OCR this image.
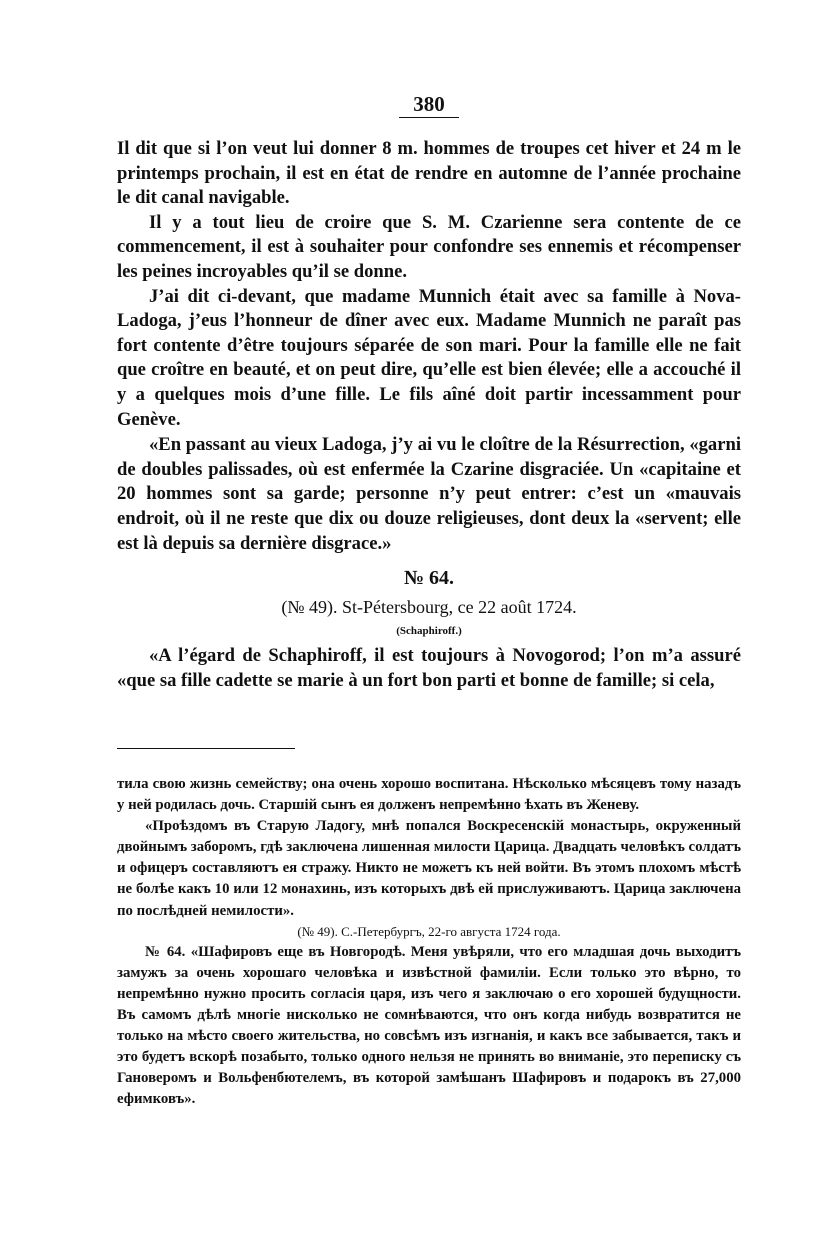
380

Il dit que si l’on veut lui donner 8 m. hommes de troupes cet hiver et 24 m le printemps prochain, il est en état de rendre en automne de l’année prochaine le dit canal navigable.

Il y a tout lieu de croire que S. M. Czarienne sera contente de ce commencement, il est à souhaiter pour confondre ses ennemis et récompenser les peines incroyables qu’il se donne.

J’ai dit ci-devant, que madame Munnich était avec sa famille à Nova-Ladoga, j’eus l’honneur de dîner avec eux. Madame Munnich ne paraît pas fort contente d’être toujours séparée de son mari. Pour la famille elle ne fait que croître en beauté, et on peut dire, qu’elle est bien élevée; elle a accouché il y a quelques mois d’une fille. Le fils aîné doit partir incessamment pour Genève.

«En passant au vieux Ladoga, j’y ai vu le cloître de la Résurrection, «garni de doubles palissades, où est enfermée la Czarine disgraciée. Un «capitaine et 20 hommes sont sa garde; personne n’y peut entrer: c’est un «mauvais endroit, où il ne reste que dix ou douze religieuses, dont deux la «servent; elle est là depuis sa dernière disgrace.»

№ 64.
(№ 49). St-Pétersbourg, ce 22 août 1724.
(Schaphiroff.)

«A l’égard de Schaphiroff, il est toujours à Novogorod; l’on m’a assuré «que sa fille cadette se marie à un fort bon parti et bonne de famille; si cela,

тила свою жизнь семейству; она очень хорошо воспитана. Нѣсколько мѣсяцевъ тому назадъ у ней родилась дочь. Старшій сынъ ея долженъ непремѣнно ѣхать въ Женеву.

«Проѣздомъ въ Старую Ладогу, мнѣ попался Воскресенскій монастырь, окруженный двойнымъ заборомъ, гдѣ заключена лишенная милости Царица. Двадцать человѣкъ солдатъ и офицеръ составляютъ ея стражу. Никто не можетъ къ ней войти. Въ этомъ плохомъ мѣстѣ не болѣе какъ 10 или 12 монахинь, изъ которыхъ двѣ ей прислуживаютъ. Царица заключена по послѣдней немилости».

(№ 49). С.-Петербургъ, 22-го августа 1724 года.

№ 64. «Шафировъ еще въ Новгородѣ. Меня увѣряли, что его младшая дочь выходитъ замужъ за очень хорошаго человѣка и извѣстной фамиліи. Если только это вѣрно, то непремѣнно нужно просить согласія царя, изъ чего я заключаю о его хорошей будущности. Въ самомъ дѣлѣ многіе нисколько не сомнѣваются, что онъ когда нибудь возвратится не только на мѣсто своего жительства, но совсѣмъ изъ изгнанія, и какъ все забывается, такъ и это будетъ вскорѣ позабыто, только одного нельзя не принять во вниманіе, это переписку съ Гановеромъ и Вольфенбютелемъ, въ которой замѣшанъ Шафировъ и подарокъ въ 27,000 ефимковъ».
